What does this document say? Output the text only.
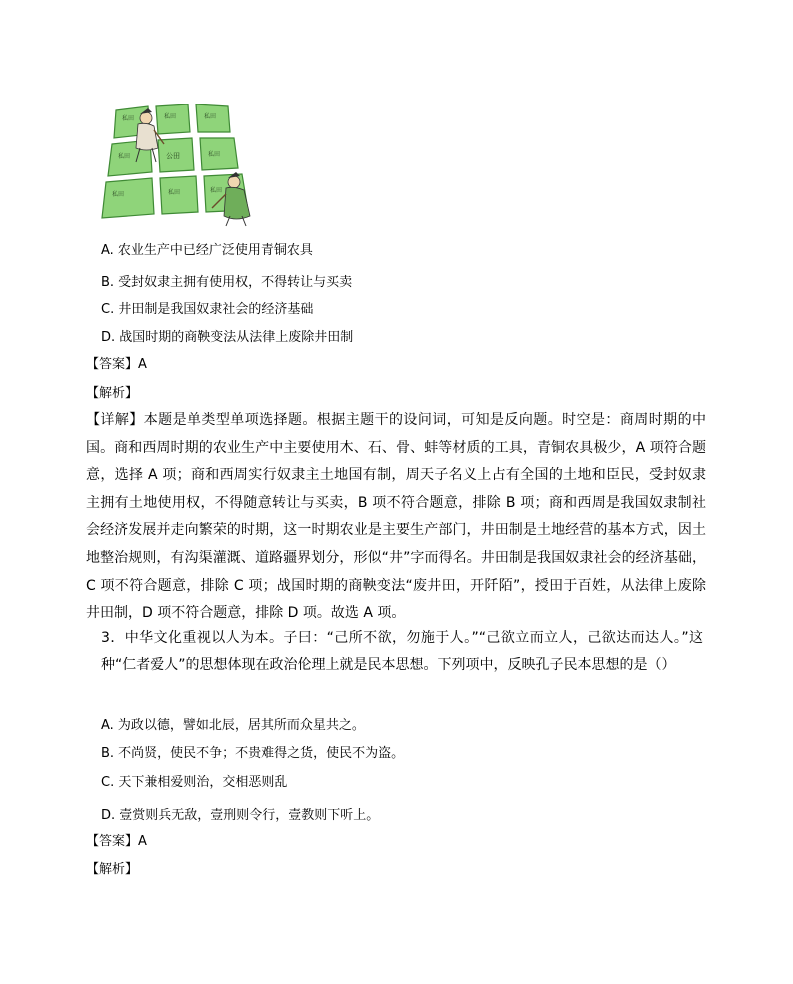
私田	私田	私田
私田	公田	私田
私田	私田	私田
A. 农业生产中已经广泛使用青铜农具
B. 受封奴隶主拥有使用权，不得转让与买卖
C. 井田制是我国奴隶社会的经济基础
D. 战国时期的商鞅变法从法律上废除井田制
【答案】A
【解析】
【详解】本题是单类型单项选择题。根据主题干的设问词，可知是反向题。时空是：商周时期的中国。商和西周时期的农业生产中主要使用木、石、骨、蚌等材质的工具，青铜农具极少，A 项符合题意，选择 A 项；商和西周实行奴隶主土地国有制，周天子名义上占有全国的土地和臣民，受封奴隶主拥有土地使用权，不得随意转让与买卖，B 项不符合题意，排除 B 项；商和西周是我国奴隶制社会经济发展并走向繁荣的时期，这一时期农业是主要生产部门，井田制是土地经营的基本方式，因土地整治规则，有沟渠灌溉、道路疆界划分，形似“井”字而得名。井田制是我国奴隶社会的经济基础，C 项不符合题意，排除 C 项；战国时期的商鞅变法“废井田，开阡陌”，授田于百姓，从法律上废除井田制，D 项不符合题意，排除 D 项。故选 A 项。
3．中华文化重视以人为本。子曰：“己所不欲，勿施于人。”“己欲立而立人，己欲达而达人。”这种“仁者爱人”的思想体现在政治伦理上就是民本思想。下列项中，反映孔子民本思想的是（）
A. 为政以德，譬如北辰，居其所而众星共之。
B. 不尚贤，使民不争；不贵难得之货，使民不为盗。
C. 天下兼相爱则治，交相恶则乱
D. 壹赏则兵无敌，壹刑则令行，壹教则下听上。
【答案】A
【解析】
